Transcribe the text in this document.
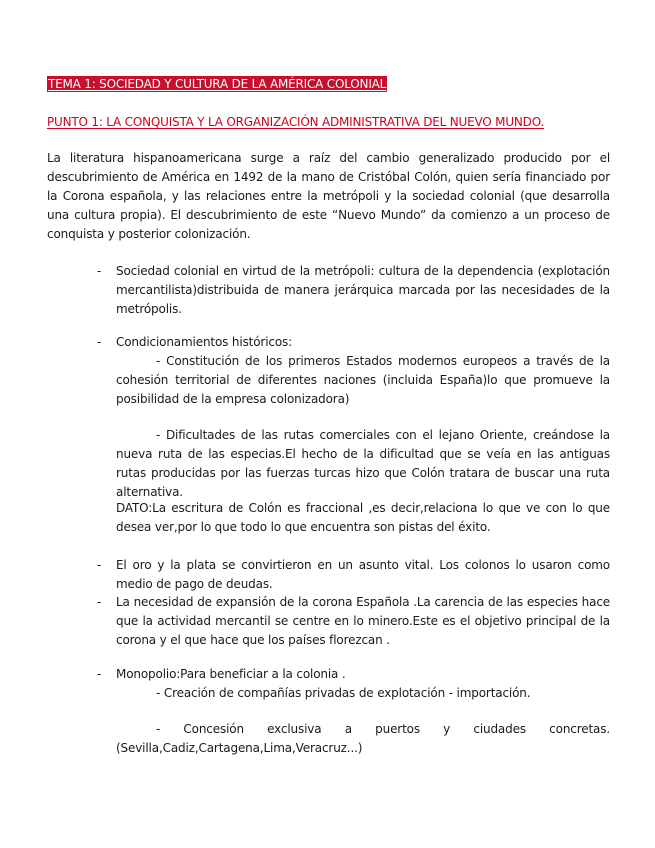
TEMA 1: SOCIEDAD Y CULTURA DE LA AMÉRICA COLONIAL
PUNTO 1: LA CONQUISTA Y LA ORGANIZACIÓN ADMINISTRATIVA DEL NUEVO MUNDO.
La literatura hispanoamericana surge a raíz del cambio generalizado producido por el descubrimiento de América en 1492 de la mano de Cristóbal Colón, quien sería financiado por la Corona española, y las relaciones entre la metrópoli y la sociedad colonial (que desarrolla una cultura propia). El descubrimiento de este “Nuevo Mundo” da comienzo a un proceso de conquista y posterior colonización.
- Sociedad colonial en virtud de la metrópoli: cultura de la dependencia (explotación mercantilista)distribuida de manera jerárquica marcada por las necesidades de la metrópolis.
- Condicionamientos históricos:
- Constitución de los primeros Estados modernos europeos a través de la cohesión territorial de diferentes naciones (incluida España)lo que promueve la posibilidad de la empresa colonizadora)
- Dificultades de las rutas comerciales con el lejano Oriente, creándose la nueva ruta de las especias.El hecho de la dificultad que se veía en las antiguas rutas producidas por las fuerzas turcas hizo que Colón tratara de buscar una ruta alternativa.
DATO:La escritura de Colón es fraccional ,es decir,relaciona lo que ve con lo que desea ver,por lo que todo lo que encuentra son pistas del éxito.
- El oro y la plata se convirtieron en un asunto vital. Los colonos lo usaron como medio de pago de deudas.
- La necesidad de expansión de la corona Española .La carencia de las especies hace que la actividad mercantil se centre en lo minero.Este es el objetivo principal de la corona y el que hace que los países florezcan .
- Monopolio:Para beneficiar a la colonia .
- Creación de compañías privadas de explotación - importación.
- Concesión exclusiva a puertos y ciudades concretas.
(Sevilla,Cadiz,Cartagena,Lima,Veracruz...)
